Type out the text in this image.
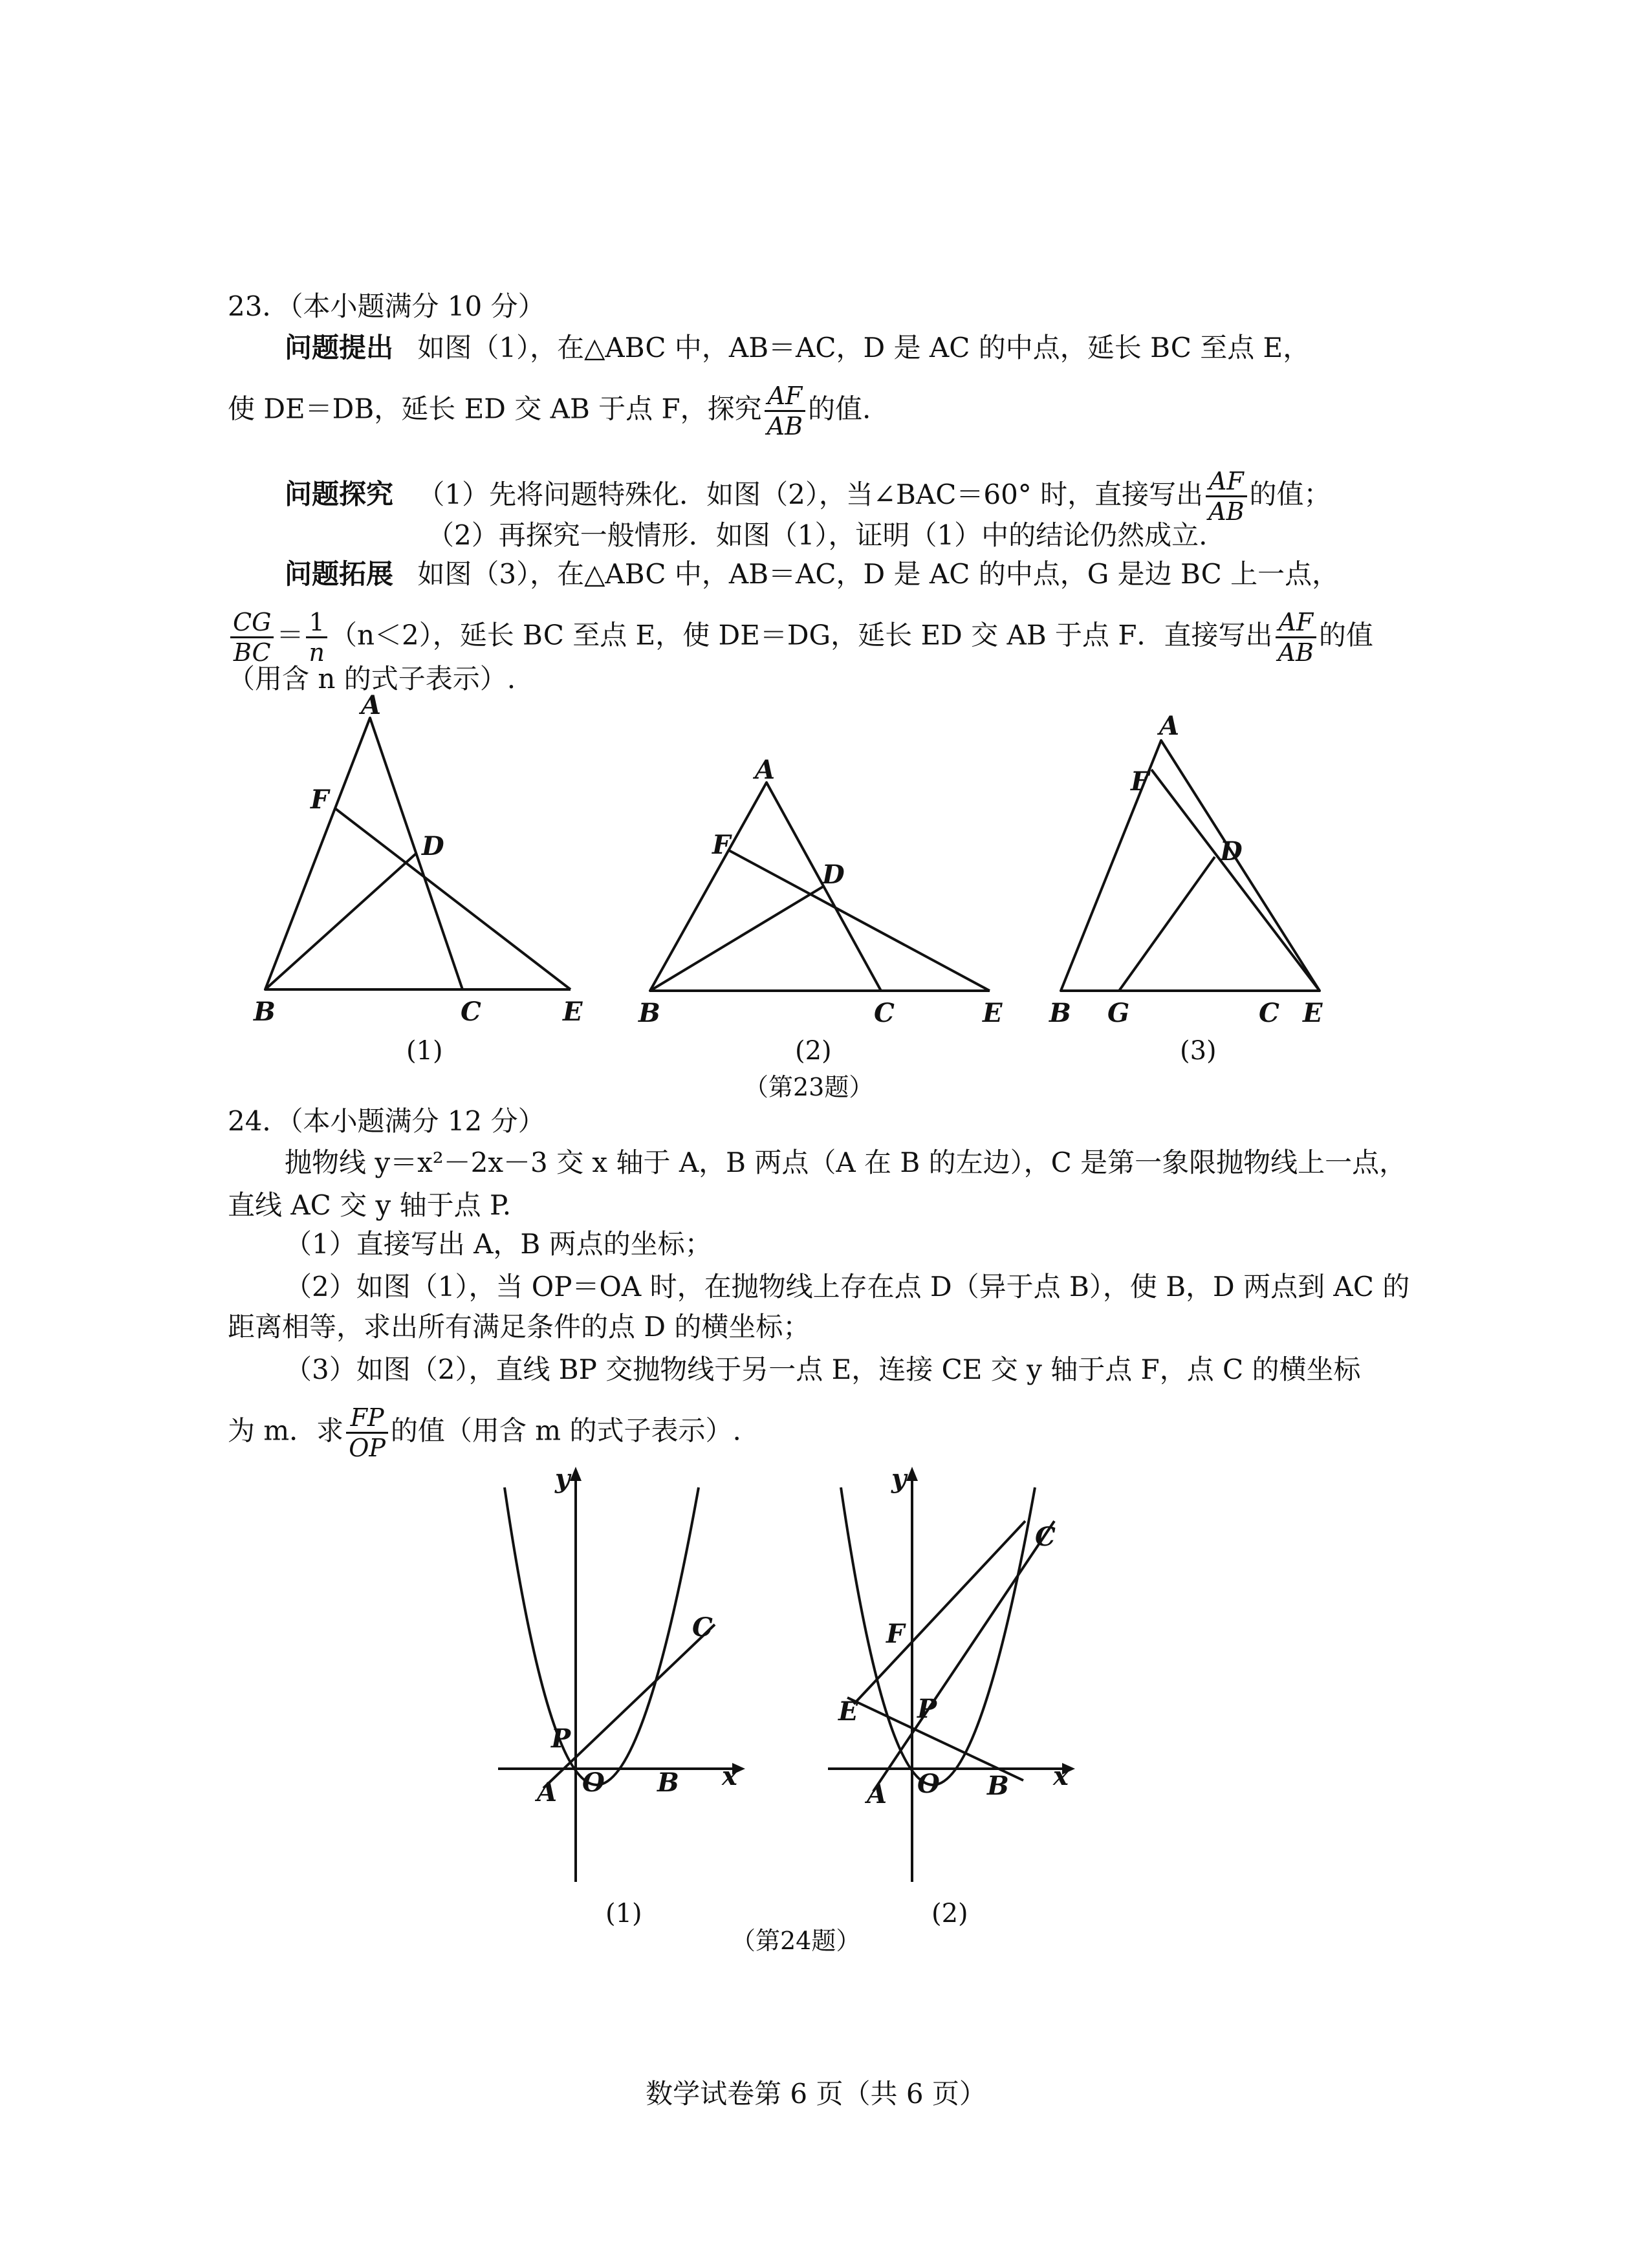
23．（本小题满分 10 分）
问题提出 如图（1），在△ABC 中，AB＝AC，D 是 AC 的中点，延长 BC 至点 E，
使 DE＝DB，延长 ED 交 AB 于点 F，探究 $\frac{AF}{AB}$ 的值.
问题探究 （1）先将问题特殊化．如图（2），当∠BAC＝60° 时，直接写出 $\frac{AF}{AB}$ 的值；
（2）再探究一般情形．如图（1），证明（1）中的结论仍然成立.
问题拓展 如图（3），在△ABC 中，AB＝AC，D 是 AC 的中点，G 是边 BC 上一点，
$\frac{CG}{BC} = \frac{1}{n} (n<2)$，延长 BC 至点 E，使 DE＝DG，延长 ED 交 AB 于点 F．直接写出 $\frac{AF}{AB}$ 的值
（用含 n 的式子表示）.
A
F
D
B	C	E
(1)
A
F
D
B	C	E
(2)
A
F
D
B G	C E
(3)
（第23题）
24．（本小题满分 12 分）
抛物线 y＝x²－2x－3 交 x 轴于 A，B 两点（A 在 B 的左边），C 是第一象限抛物线上一点，
直线 AC 交 y 轴于点 P.
（1）直接写出 A，B 两点的坐标；
（2）如图（1），当 OP＝OA 时，在抛物线上存在点 D（异于点 B），使 B，D 两点到 AC 的
距离相等，求出所有满足条件的点 D 的横坐标；
（3）如图（2），直线 BP 交抛物线于另一点 E，连接 CE 交 y 轴于点 F，点 C 的横坐标
为 m．求 $\frac{FP}{OP}$ 的值（用含 m 的式子表示）.
y
x
O
A	B
P
C
(1)
y
x
O
A	B
P
E
F
C
(2)
（第24题）
数学试卷第 6 页（共 6 页）
